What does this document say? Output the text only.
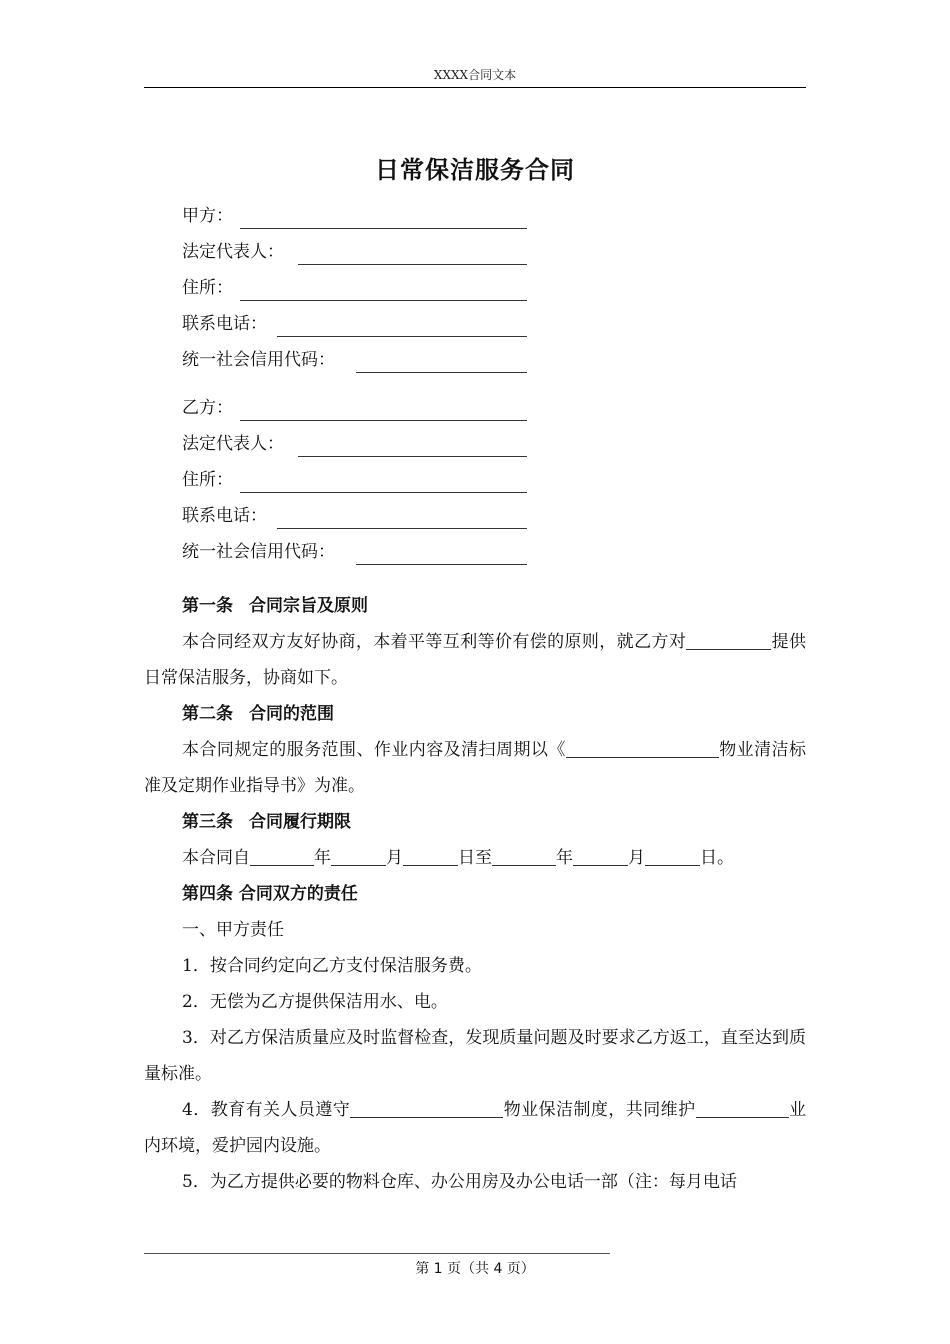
XXXX合同文本
日常保洁服务合同
甲方：
法定代表人：
住所：
联系电话：
统一社会信用代码：
乙方：
法定代表人：
住所：
联系电话：
统一社会信用代码：

第一条 合同宗旨及原则

本合同经双方友好协商，本着平等互利等价有偿的原则，就乙方对	提供日常保洁服务，协商如下。

第二条 合同的范围

本合同规定的服务范围、作业内容及清扫周期以《	物业清洁标准及定期作业指导书》为准。

第三条 合同履行期限

本合同自	年	月	日至	年	月	日。

第四条 合同双方的责任

一、甲方责任

1．按合同约定向乙方支付保洁服务费。

2．无偿为乙方提供保洁用水、电。

3．对乙方保洁质量应及时监督检查，发现质量问题及时要求乙方返工，直至达到质量标准。

4．教育有关人员遵守	物业保洁制度，共同维护	业内环境，爱护园内设施。

5．为乙方提供必要的物料仓库、办公用房及办公电话一部（注：每月电话

第 1 页（共 4 页）
